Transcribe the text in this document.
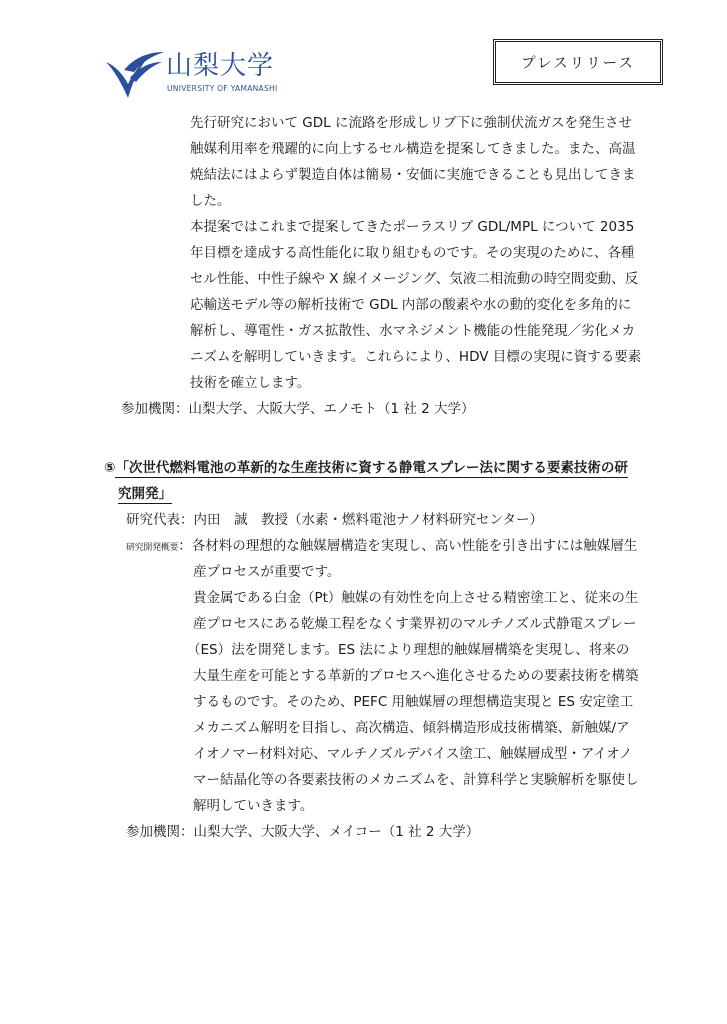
山梨大学
UNIVERSITY OF YAMANASHI
プレスリリース
先行研究において GDL に流路を形成しリブ下に強制伏流ガスを発生させ
触媒利用率を飛躍的に向上するセル構造を提案してきました。また、高温
焼結法にはよらず製造自体は簡易・安価に実施できることも見出してきま
した。
本提案ではこれまで提案してきたポーラスリブ GDL/MPL について 2035
年目標を達成する高性能化に取り組むものです。その実現のために、各種
セル性能、中性子線や X 線イメージング、気液二相流動の時空間変動、反
応輸送モデル等の解析技術で GDL 内部の酸素や水の動的変化を多角的に
解析し、導電性・ガス拡散性、水マネジメント機能の性能発現／劣化メカ
ニズムを解明していきます。これらにより、HDV 目標の実現に資する要素
技術を確立します。
参加機関：山梨大学、大阪大学、エノモト（1 社 2 大学）
⑤「次世代燃料電池の革新的な生産技術に資する静電スプレー法に関する要素技術の研
究開発」
研究代表：内田　誠　教授（水素・燃料電池ナノ材料研究センター）
研究開発概要：各材料の理想的な触媒層構造を実現し、高い性能を引き出すには触媒層生
産プロセスが重要です。
貴金属である白金（Pt）触媒の有効性を向上させる精密塗工と、従来の生
産プロセスにある乾燥工程をなくす業界初のマルチノズル式静電スプレー
（ES）法を開発します。ES 法により理想的触媒層構築を実現し、将来の
大量生産を可能とする革新的プロセスへ進化させるための要素技術を構築
するものです。そのため、PEFC 用触媒層の理想構造実現と ES 安定塗工
メカニズム解明を目指し、高次構造、傾斜構造形成技術構築、新触媒/ア
イオノマー材料対応、マルチノズルデバイス塗工、触媒層成型・アイオノ
マー結晶化等の各要素技術のメカニズムを、計算科学と実験解析を駆使し
解明していきます。
参加機関：山梨大学、大阪大学、メイコー（1 社 2 大学）
